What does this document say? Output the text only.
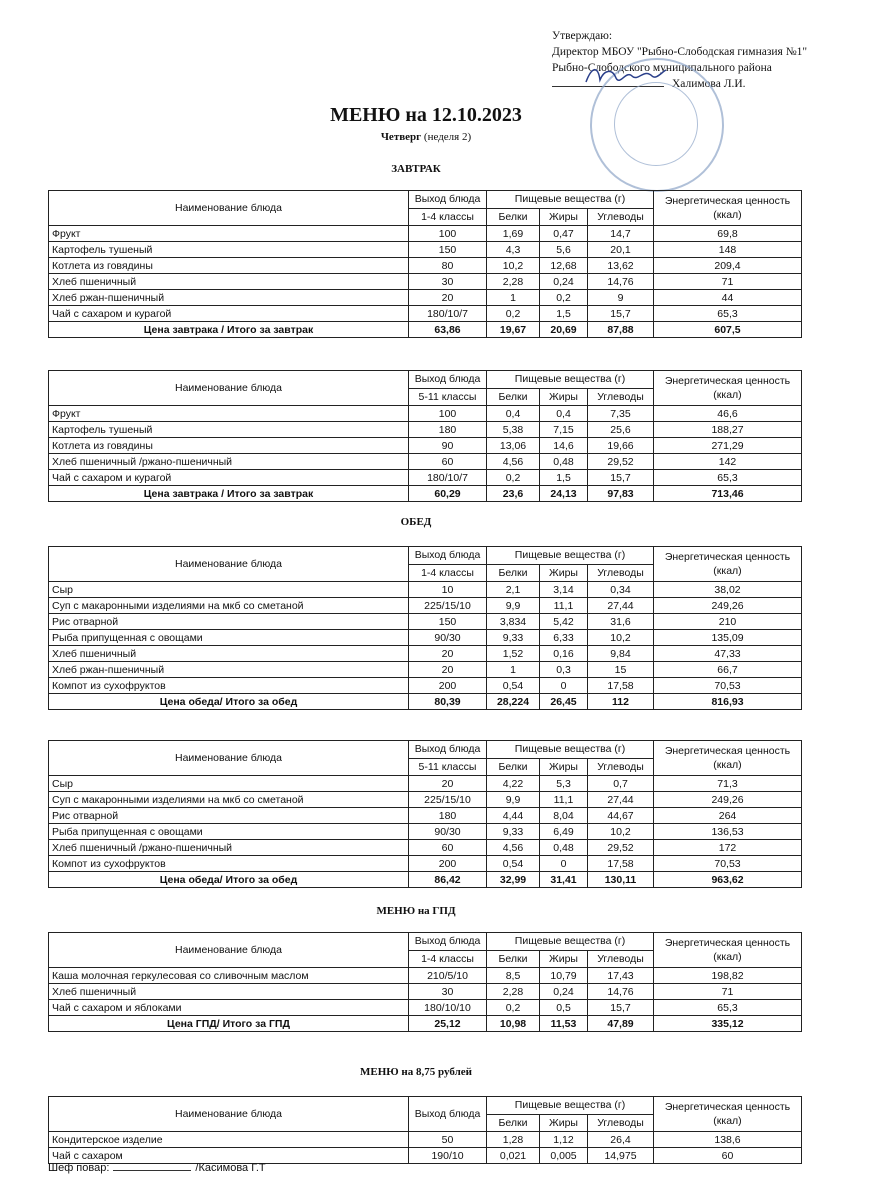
Утверждаю:
Директор МБОУ "Рыбно-Слободская гимназия №1"
Рыбно-Слободского муниципального района
Халимова Л.И.
МЕНЮ на 12.10.2023
Четверг (неделя 2)
ЗАВТРАК
ОБЕД
МЕНЮ на ГПД
МЕНЮ на 8,75 рублей
Наименование блюда	Выход блюда	Пищевые вещества (г)			Энергетическая ценность (ккал)
	1-4 классы	Белки	Жиры	Углеводы	
Фрукт	100	1,69	0,47	14,7	69,8
Картофель тушеный	150	4,3	5,6	20,1	148
Котлета из говядины	80	10,2	12,68	13,62	209,4
Хлеб пшеничный	30	2,28	0,24	14,76	71
Хлеб ржан-пшеничный	20	1	0,2	9	44
Чай с сахаром и курагой	180/10/7	0,2	1,5	15,7	65,3
Цена завтрака / Итого за завтрак	63,86	19,67	20,69	87,88	607,5
Наименование блюда	Выход блюда	Пищевые вещества (г)			Энергетическая ценность (ккал)
	5-11 классы	Белки	Жиры	Углеводы	
Фрукт	100	0,4	0,4	7,35	46,6
Картофель тушеный	180	5,38	7,15	25,6	188,27
Котлета из говядины	90	13,06	14,6	19,66	271,29
Хлеб пшеничный /ржано-пшеничный	60	4,56	0,48	29,52	142
Чай с сахаром и курагой	180/10/7	0,2	1,5	15,7	65,3
Цена завтрака / Итого за завтрак	60,29	23,6	24,13	97,83	713,46
Наименование блюда	Выход блюда	Пищевые вещества (г)			Энергетическая ценность (ккал)
	1-4 классы	Белки	Жиры	Углеводы	
Сыр	10	2,1	3,14	0,34	38,02
Суп с макаронными изделиями на мкб со сметаной	225/15/10	9,9	11,1	27,44	249,26
Рис отварной	150	3,834	5,42	31,6	210
Рыба припущенная с овощами	90/30	9,33	6,33	10,2	135,09
Хлеб пшеничный	20	1,52	0,16	9,84	47,33
Хлеб ржан-пшеничный	20	1	0,3	15	66,7
Компот из сухофруктов	200	0,54	0	17,58	70,53
Цена обеда/ Итого за обед	80,39	28,224	26,45	112	816,93
Наименование блюда	Выход блюда	Пищевые вещества (г)			Энергетическая ценность (ккал)
	5-11 классы	Белки	Жиры	Углеводы	
Сыр	20	4,22	5,3	0,7	71,3
Суп с макаронными изделиями на мкб со сметаной	225/15/10	9,9	11,1	27,44	249,26
Рис отварной	180	4,44	8,04	44,67	264
Рыба припущенная с овощами	90/30	9,33	6,49	10,2	136,53
Хлеб пшеничный /ржано-пшеничный	60	4,56	0,48	29,52	172
Компот из сухофруктов	200	0,54	0	17,58	70,53
Цена обеда/ Итого за обед	86,42	32,99	31,41	130,11	963,62
Наименование блюда	Выход блюда	Пищевые вещества (г)			Энергетическая ценность (ккал)
	1-4 классы	Белки	Жиры	Углеводы	
Каша молочная геркулесовая со сливочным маслом	210/5/10	8,5	10,79	17,43	198,82
Хлеб пшеничный	30	2,28	0,24	14,76	71
Чай с сахаром и яблоками	180/10/10	0,2	0,5	15,7	65,3
Цена ГПД/ Итого за ГПД	25,12	10,98	11,53	47,89	335,12
Наименование блюда	Выход блюда	Пищевые вещества (г)			Энергетическая ценность (ккал)
		Белки	Жиры	Углеводы	
Кондитерское изделие	50	1,28	1,12	26,4	138,6
Чай с сахаром	190/10	0,021	0,005	14,975	60
Шеф повар:	/Касимова Г.Т
